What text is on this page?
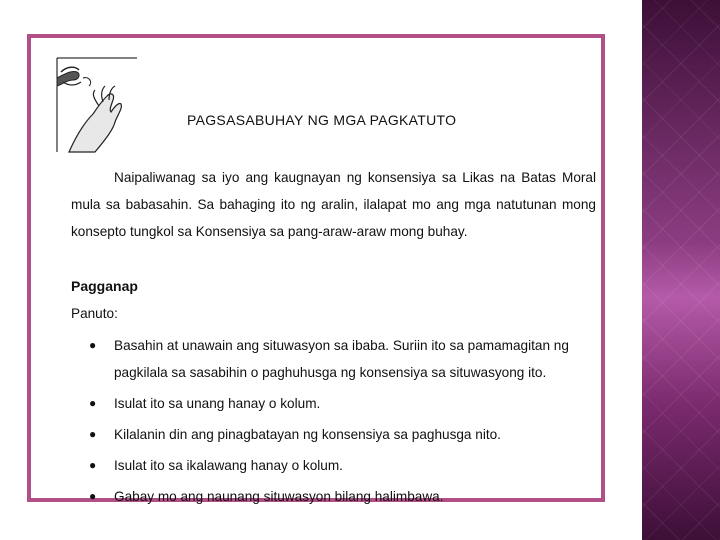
PAGSASABUHAY NG MGA PAGKATUTO
Naipaliwanag sa iyo ang kaugnayan ng konsensiya sa Likas na Batas Moral mula sa babasahin. Sa bahaging ito ng aralin, ilalapat mo ang mga natutunan mong konsepto tungkol sa Konsensiya sa pang-araw-araw mong buhay.
Pagganap
Panuto:
● Basahin at unawain ang situwasyon sa ibaba. Suriin ito sa pamamagitan ng pagkilala sa sasabihin o paghuhusga ng konsensiya sa situwasyong ito.
● Isulat ito sa unang hanay o kolum.
● Kilalanin din ang pinagbatayan ng konsensiya sa paghusga nito.
● Isulat ito sa ikalawang hanay o kolum.
● Gabay mo ang naunang situwasyon bilang halimbawa.
